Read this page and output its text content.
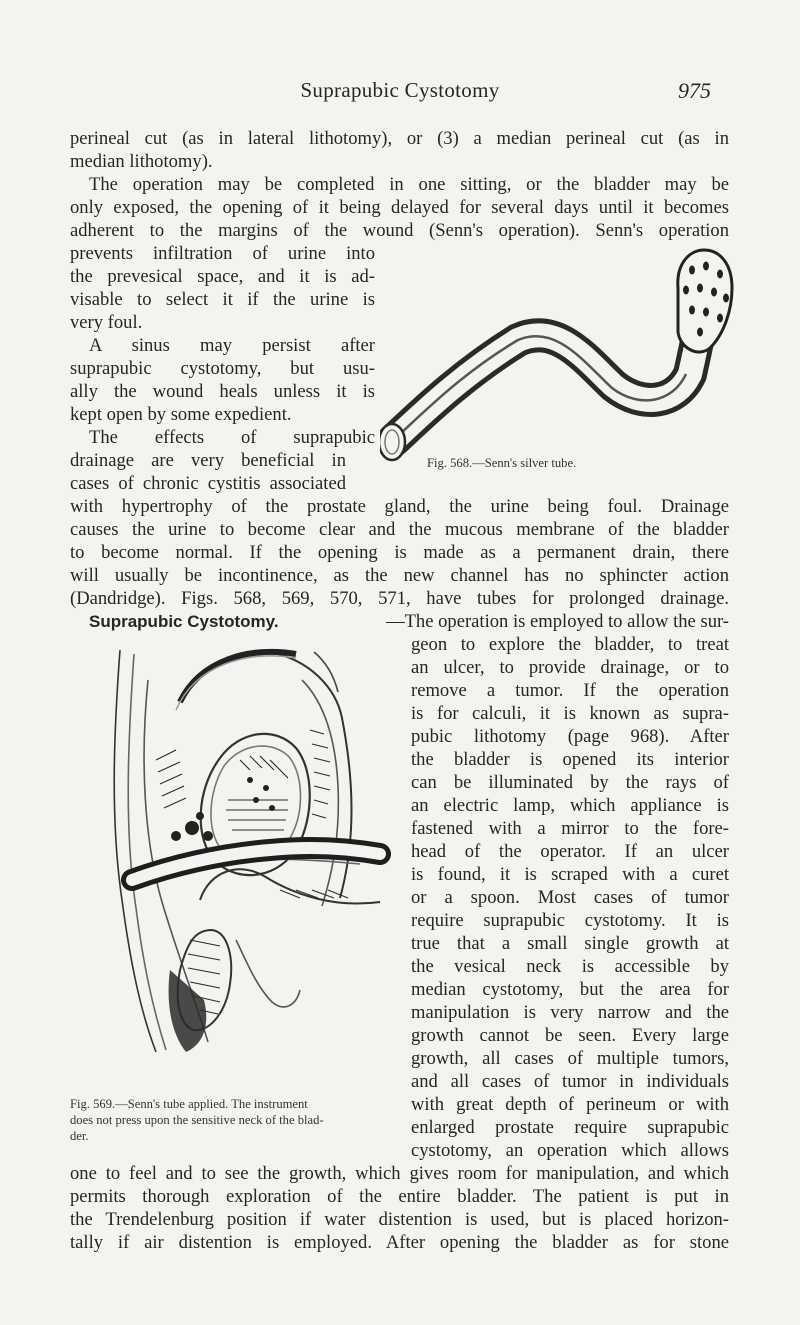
Suprapubic Cystotomy	975
perineal cut (as in lateral lithotomy), or (3) a median perineal cut (as in
median lithotomy).
The operation may be completed in one sitting, or the bladder may be
only exposed, the opening of it being delayed for several days until it becomes
adherent to the margins of the wound (Senn's operation). Senn's operation
prevents infiltration of urine into
the prevesical space, and it is ad-
visable to select it if the urine is
very foul.
A sinus may persist after
suprapubic cystotomy, but usu-
ally the wound heals unless it is
kept open by some expedient.
The effects of suprapubic
drainage are very beneficial in
cases of chronic cystitis associated
Fig. 568.—Senn's silver tube.
with hypertrophy of the prostate gland, the urine being foul. Drainage
causes the urine to become clear and the mucous membrane of the bladder
to become normal. If the opening is made as a permanent drain, there
will usually be incontinence, as the new channel has no sphincter action
(Dandridge). Figs. 568, 569, 570, 571, have tubes for prolonged drainage.
Suprapubic Cystotomy.	—The operation is employed to allow the sur-
geon to explore the bladder, to treat
an ulcer, to provide drainage, or to
remove a tumor. If the operation
is for calculi, it is known as supra-
pubic lithotomy (page 968). After
the bladder is opened its interior
can be illuminated by the rays of
an electric lamp, which appliance is
fastened with a mirror to the fore-
head of the operator. If an ulcer
is found, it is scraped with a curet
or a spoon. Most cases of tumor
require suprapubic cystotomy. It is
true that a small single growth at
the vesical neck is accessible by
median cystotomy, but the area for
manipulation is very narrow and the
growth cannot be seen. Every large
growth, all cases of multiple tumors,
and all cases of tumor in individuals
with great depth of perineum or with
enlarged prostate require suprapubic
cystotomy, an operation which allows
Fig. 569.—Senn's tube applied. The instrument
does not press upon the sensitive neck of the blad-
der.
one to feel and to see the growth, which gives room for manipulation, and which
permits thorough exploration of the entire bladder. The patient is put in
the Trendelenburg position if water distention is used, but is placed horizon-
tally if air distention is employed. After opening the bladder as for stone
